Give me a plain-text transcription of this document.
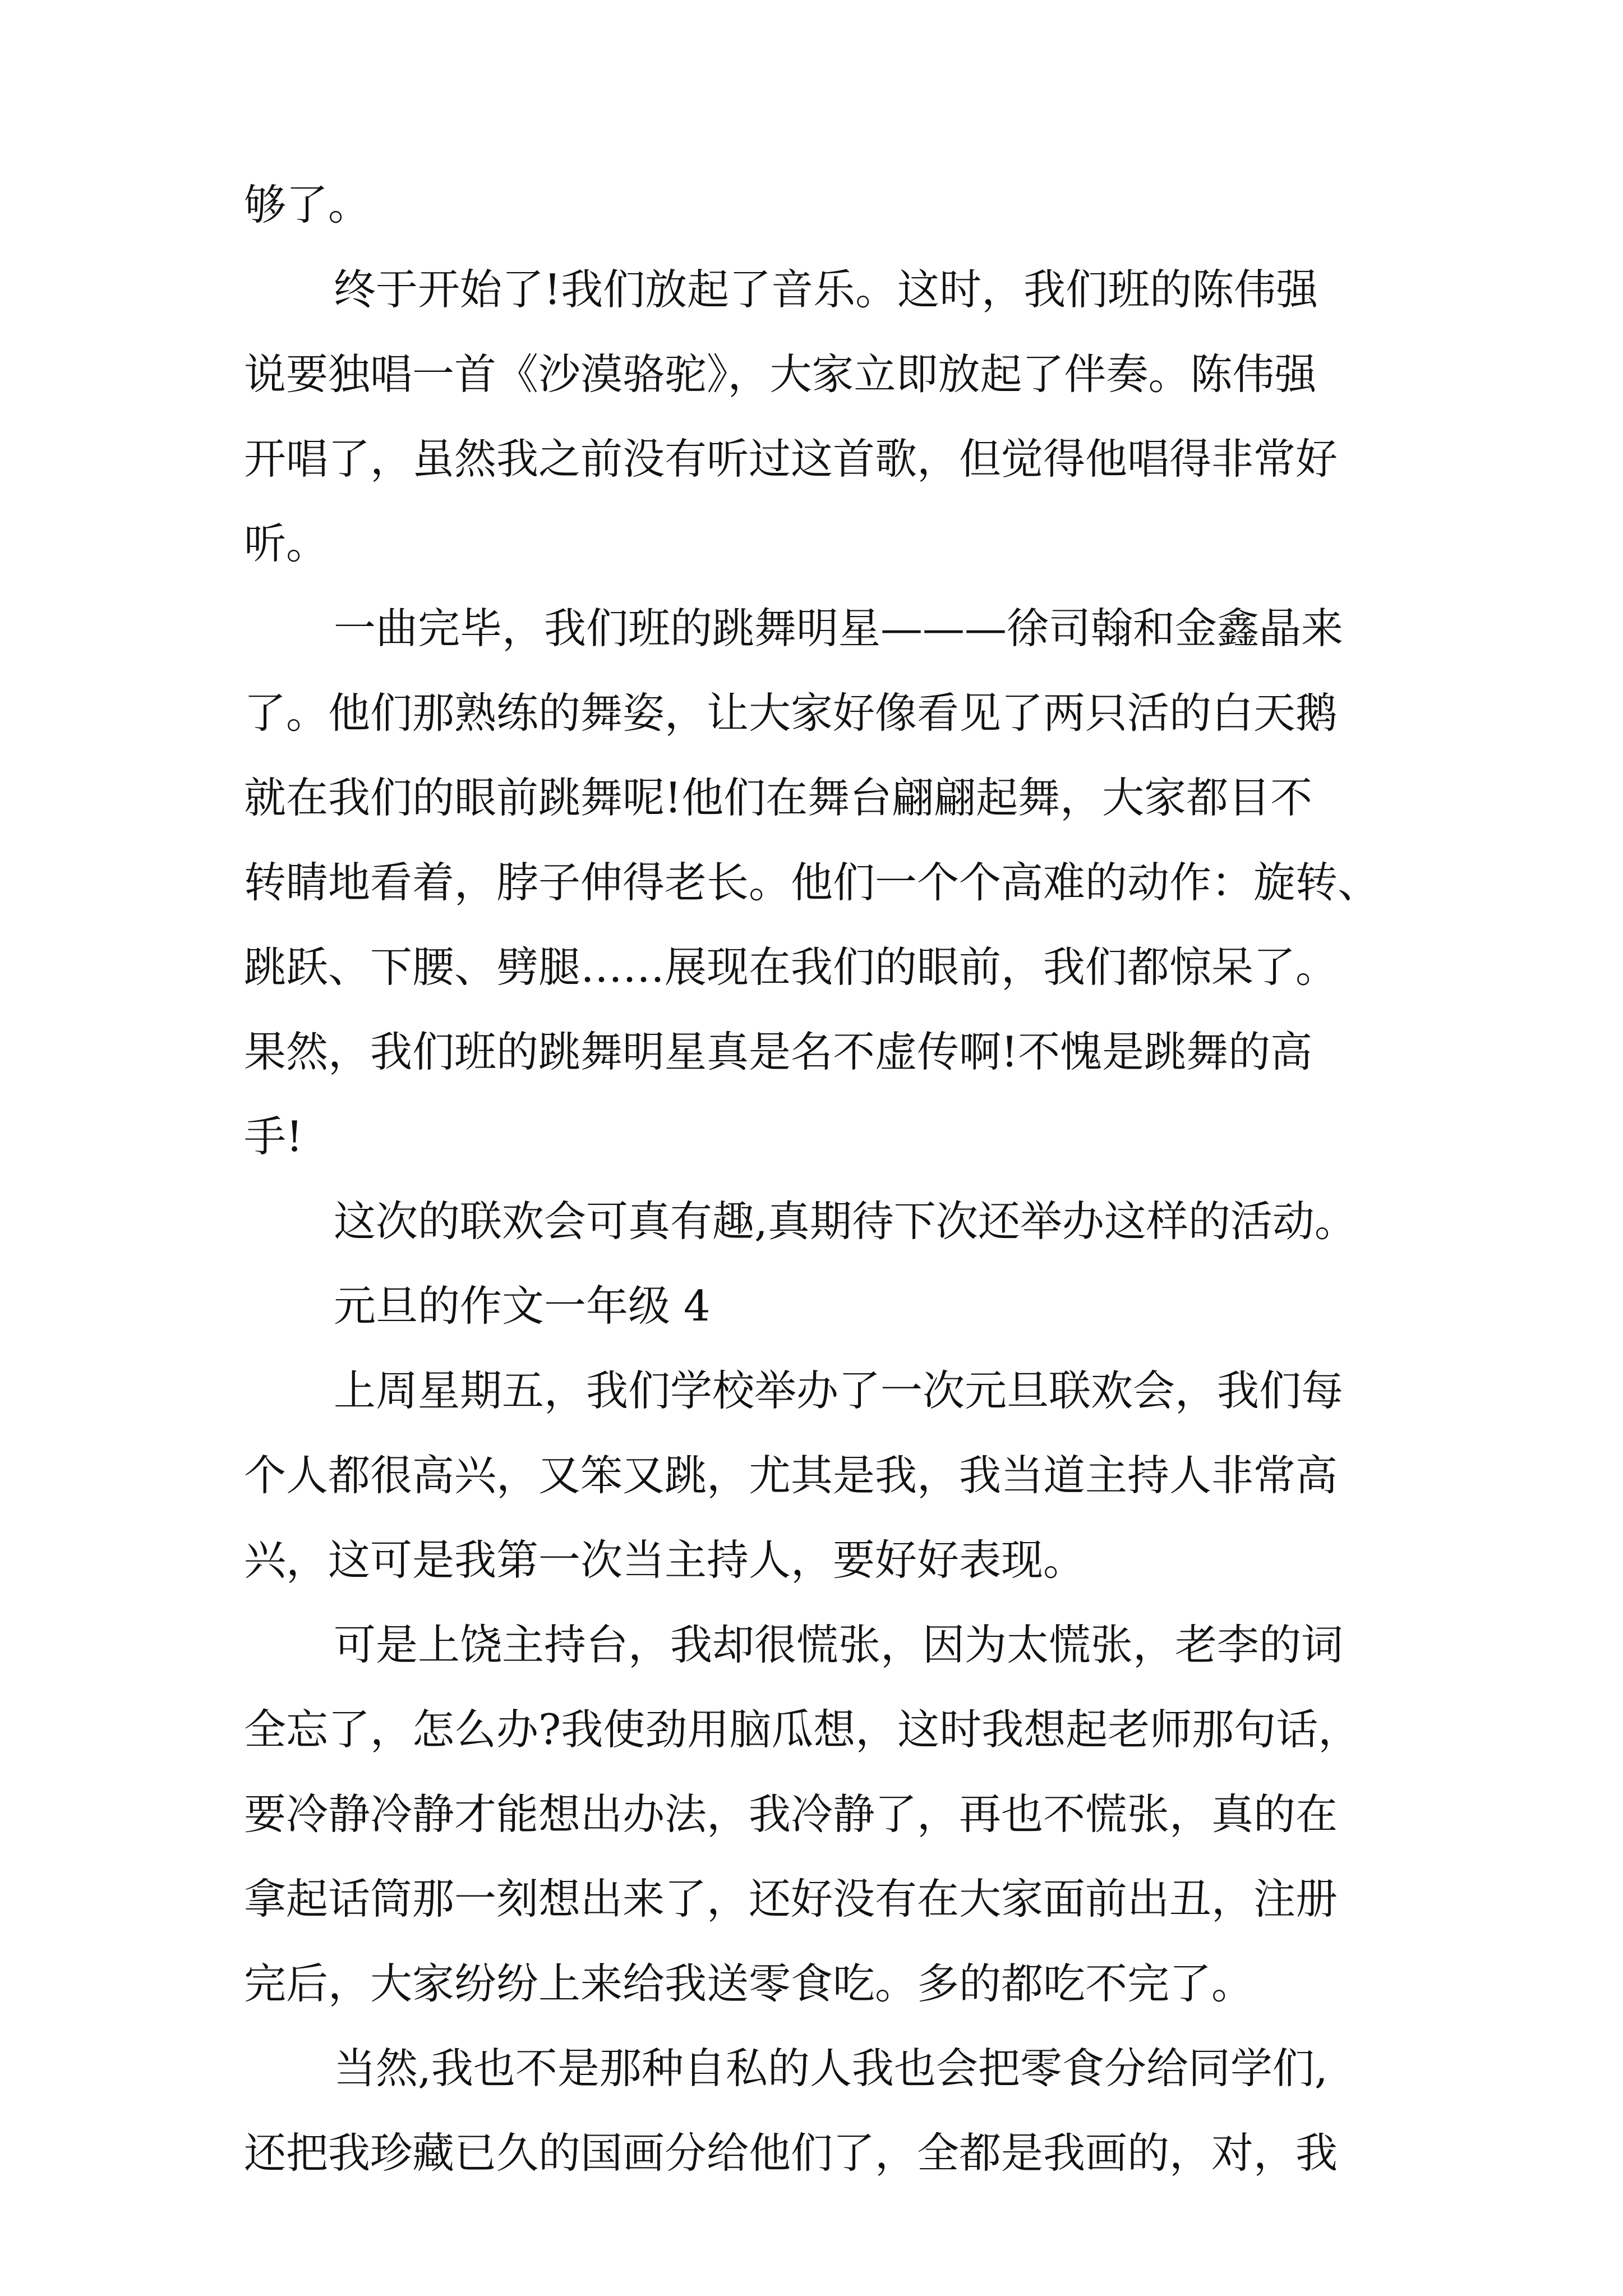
够了。
终于开始了!我们放起了音乐。这时，我们班的陈伟强
说要独唱一首《沙漠骆驼》，大家立即放起了伴奏。陈伟强
开唱了，虽然我之前没有听过这首歌，但觉得他唱得非常好
听。
一曲完毕，我们班的跳舞明星———徐司翰和金鑫晶来
了。他们那熟练的舞姿，让大家好像看见了两只活的白天鹅
就在我们的眼前跳舞呢!他们在舞台翩翩起舞，大家都目不
转睛地看着，脖子伸得老长。他们一个个高难的动作：旋转、
跳跃、下腰、劈腿……展现在我们的眼前，我们都惊呆了。
果然，我们班的跳舞明星真是名不虚传啊!不愧是跳舞的高
手!
这次的联欢会可真有趣,真期待下次还举办这样的活动。
元旦的作文一年级 4
上周星期五，我们学校举办了一次元旦联欢会，我们每
个人都很高兴，又笨又跳，尤其是我，我当道主持人非常高
兴，这可是我第一次当主持人，要好好表现。
可是上饶主持台，我却很慌张，因为太慌张，老李的词
全忘了，怎么办?我使劲用脑瓜想，这时我想起老师那句话，
要冷静冷静才能想出办法，我冷静了，再也不慌张，真的在
拿起话筒那一刻想出来了，还好没有在大家面前出丑，注册
完后，大家纷纷上来给我送零食吃。多的都吃不完了。
当然,我也不是那种自私的人我也会把零食分给同学们,
还把我珍藏已久的国画分给他们了，全都是我画的，对，我
